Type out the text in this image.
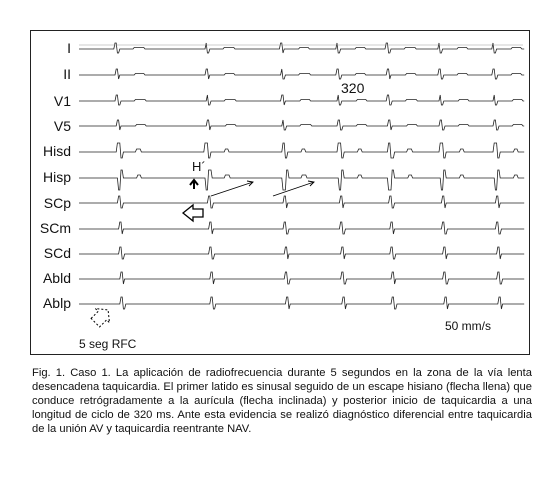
I
II
V1
V5
Hisd
Hisp
SCp
SCm
SCd
Abld
Ablp
320
H´
5 seg RFC
50 mm/s
Fig. 1. Caso 1. La aplicación de radiofrecuencia durante 5 segundos en la zona de la vía lenta desencadena taquicardia. El primer latido es sinusal seguido de un escape hisiano (flecha llena) que conduce retrógradamente a la aurícula (flecha inclinada) y posterior inicio de taquicardia a una longitud de ciclo de 320 ms. Ante esta evidencia se realizó diagnóstico diferencial entre taquicardia de la unión AV y taquicardia reentrante NAV.
